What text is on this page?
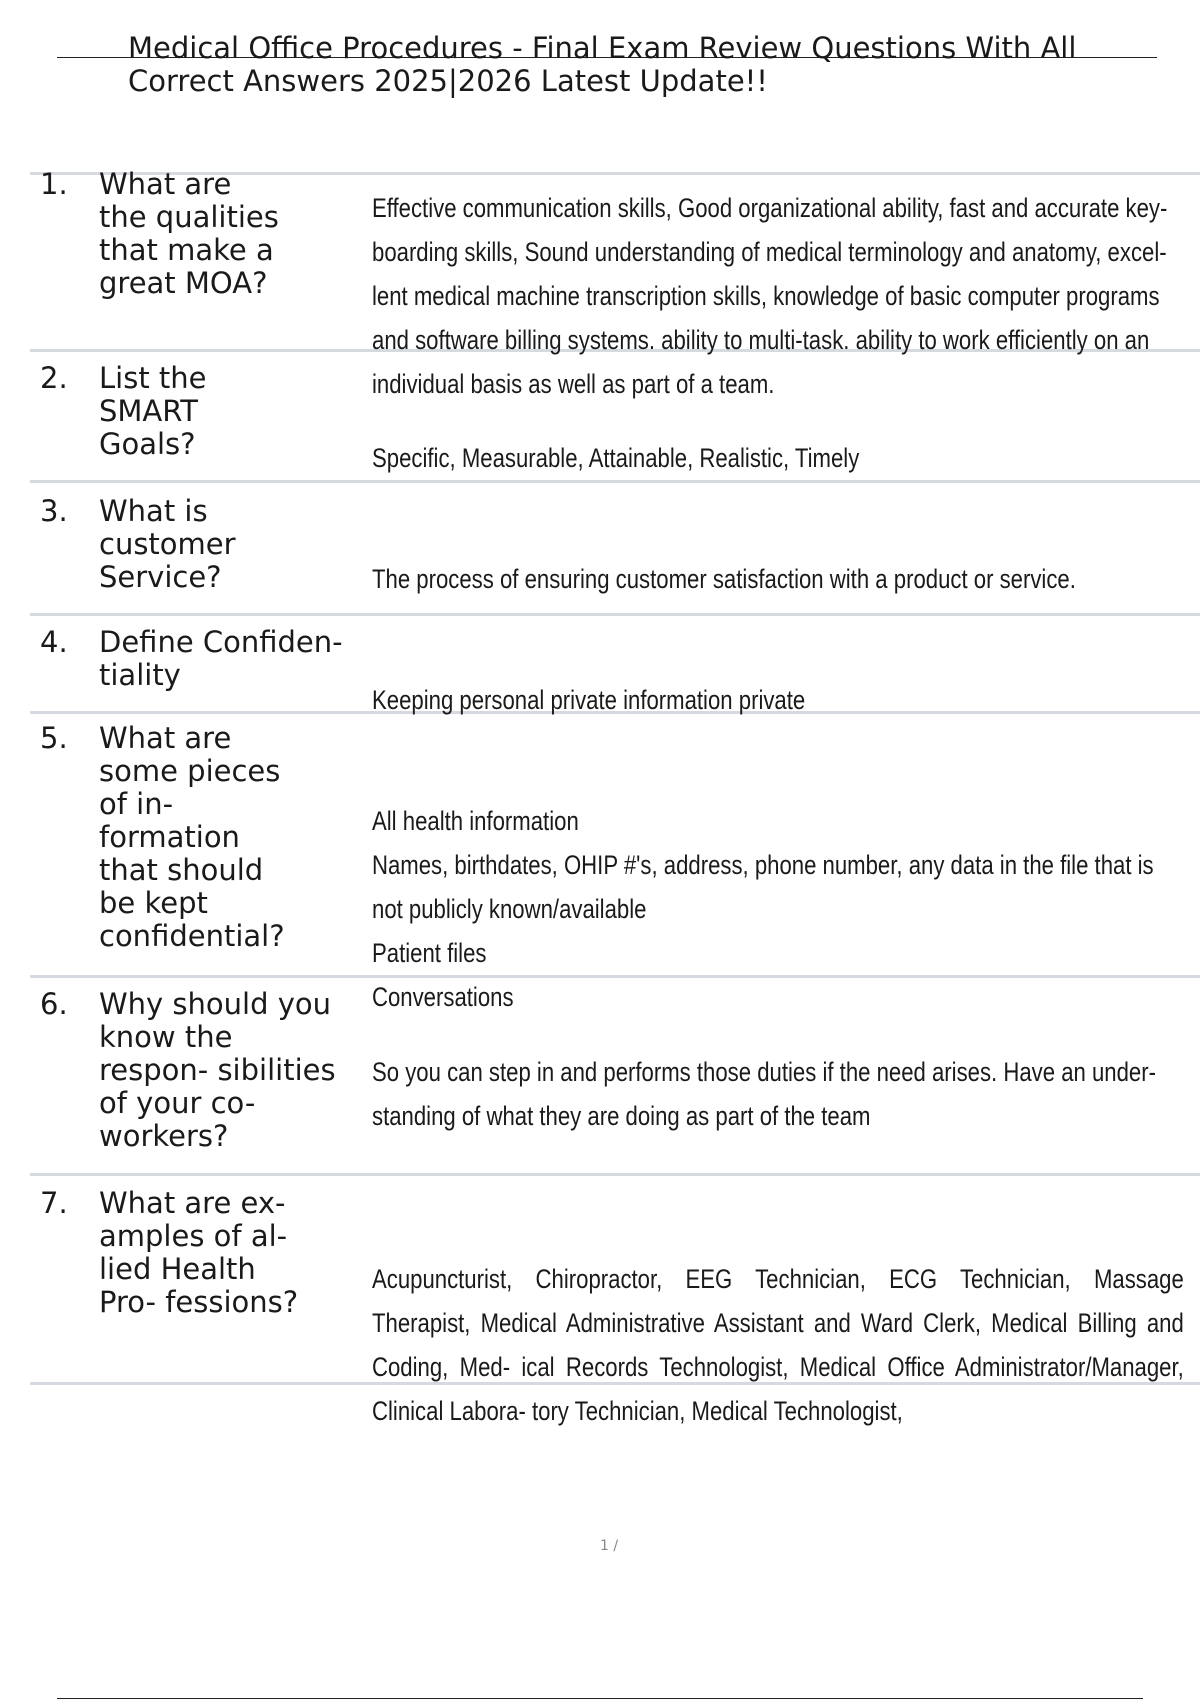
Medical Office Procedures - Final Exam Review Questions With All
Correct Answers 2025|2026 Latest Update!!
1.	What are
the qualities
that make a
great MOA?

Effective communication skills, Good organizational ability, fast and accurate key- boarding skills, Sound understanding of medical terminology and anatomy, excel- lent medical machine transcription skills, knowledge of basic computer programs and software billing systems. ability to multi-task. ability to work efficiently on an individual basis as well as part of a team.

2.	List the
SMART
Goals?	Specific, Measurable, Attainable, Realistic, Timely

3.	What is
customer
Service?	The process of ensuring customer satisfaction with a product or service.

4.	Define Confiden-
tiality

Keeping personal private information private

5.	What are
some pieces
of in-
formation
that should
be kept
confidential?

All health information
Names, birthdates, OHIP #'s, address, phone number, any data in the file that is not publicly known/available
Patient files
Conversations

6.	Why should you
know the
respon- sibilities
of your co-
workers?

So you can step in and performs those duties if the need arises. Have an under- standing of what they are doing as part of the team

7.	What are ex-
amples of al-
lied Health
Pro- fessions?

Acupuncturist, Chiropractor, EEG Technician, ECG Technician, Massage Therapist, Medical Administrative Assistant and Ward Clerk, Medical Billing and Coding, Med- ical Records Technologist, Medical Office Administrator/Manager, Clinical Labora- tory Technician, Medical Technologist,

1 /
